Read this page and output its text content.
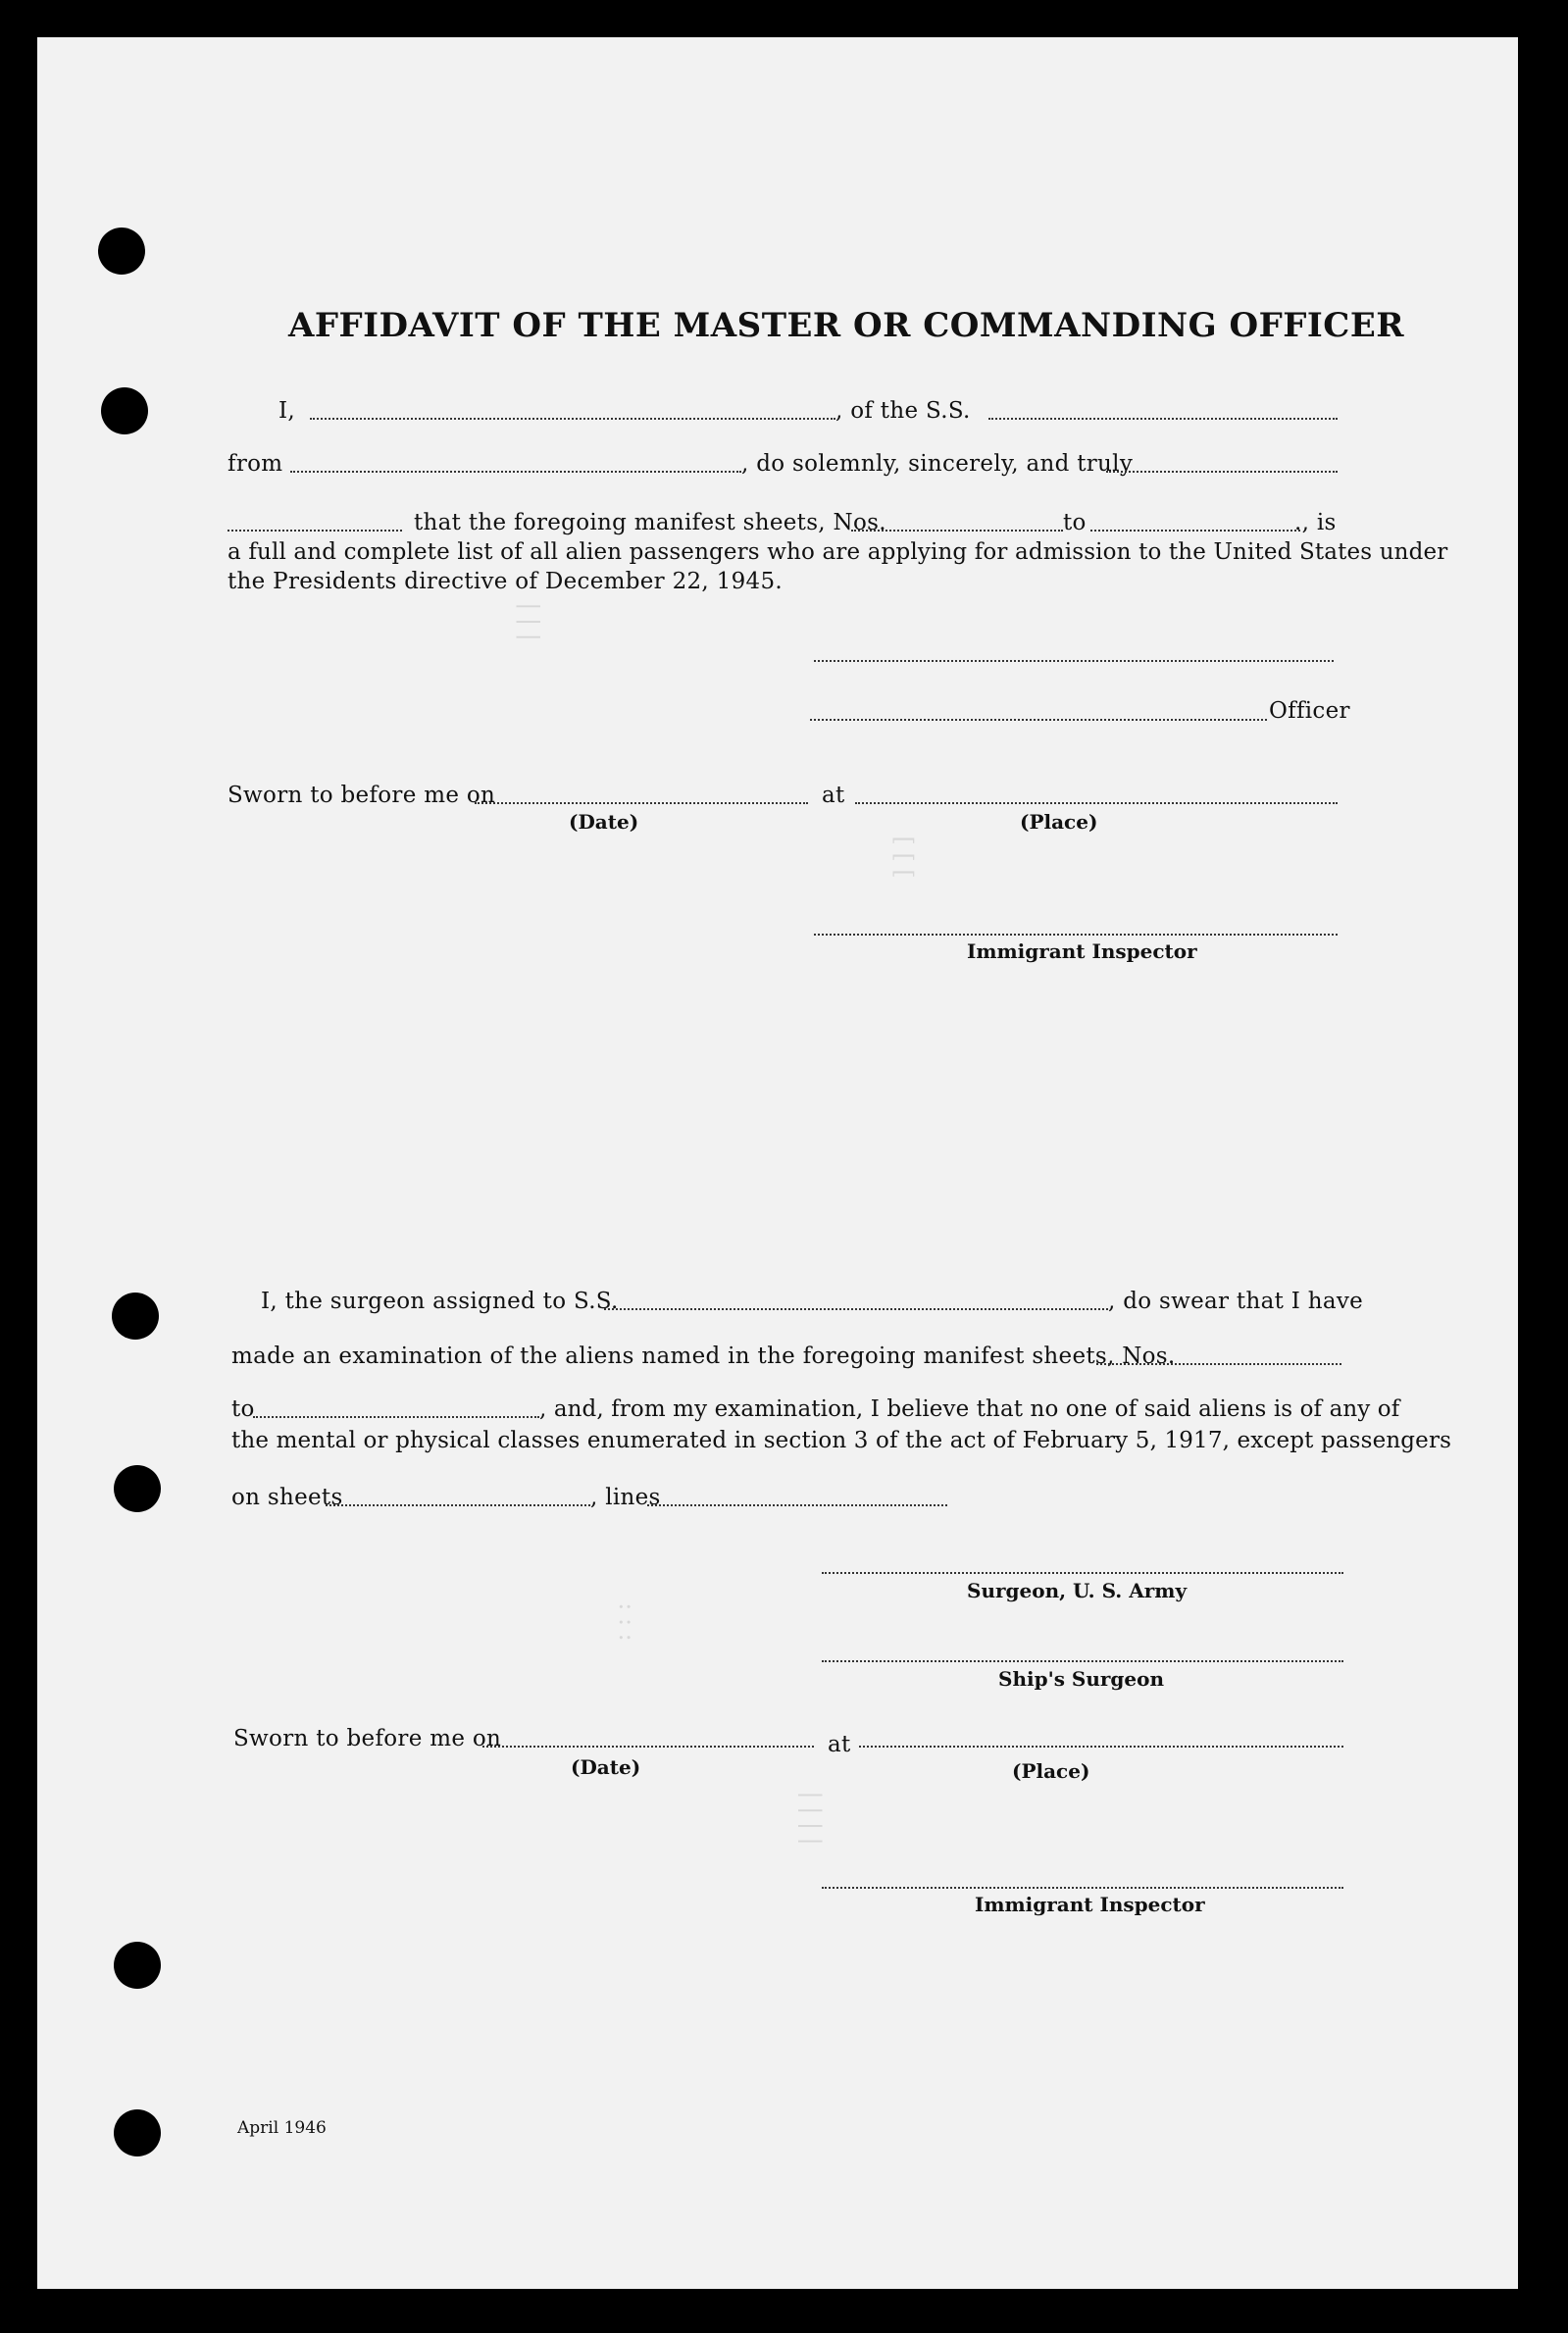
AFFIDAVIT OF THE MASTER OR COMMANDING OFFICER
I,	, of the S.S.
from	, do solemnly, sincerely, and truly
that the foregoing manifest sheets, Nos.	to	., is
a full and complete list of all alien passengers who are applying for admission to the United States under
the Presidents directive of December 22, 1945.
Officer
Sworn to before me on	at
(Date)	(Place)
Immigrant Inspector
I, the surgeon assigned to S.S.	, do swear that I have
made an examination of the aliens named in the foregoing manifest sheets, Nos.
to	, and, from my examination, I believe that no one of said aliens is of any of
the mental or physical classes enumerated in section 3 of the act of February 5, 1917, except passengers
on sheets	, lines
Surgeon, U. S. Army
Ship's Surgeon
Sworn to before me on	at
(Date)	(Place)
Immigrant Inspector
April 1946
| | |
[ [ [
| | | |
: : :
